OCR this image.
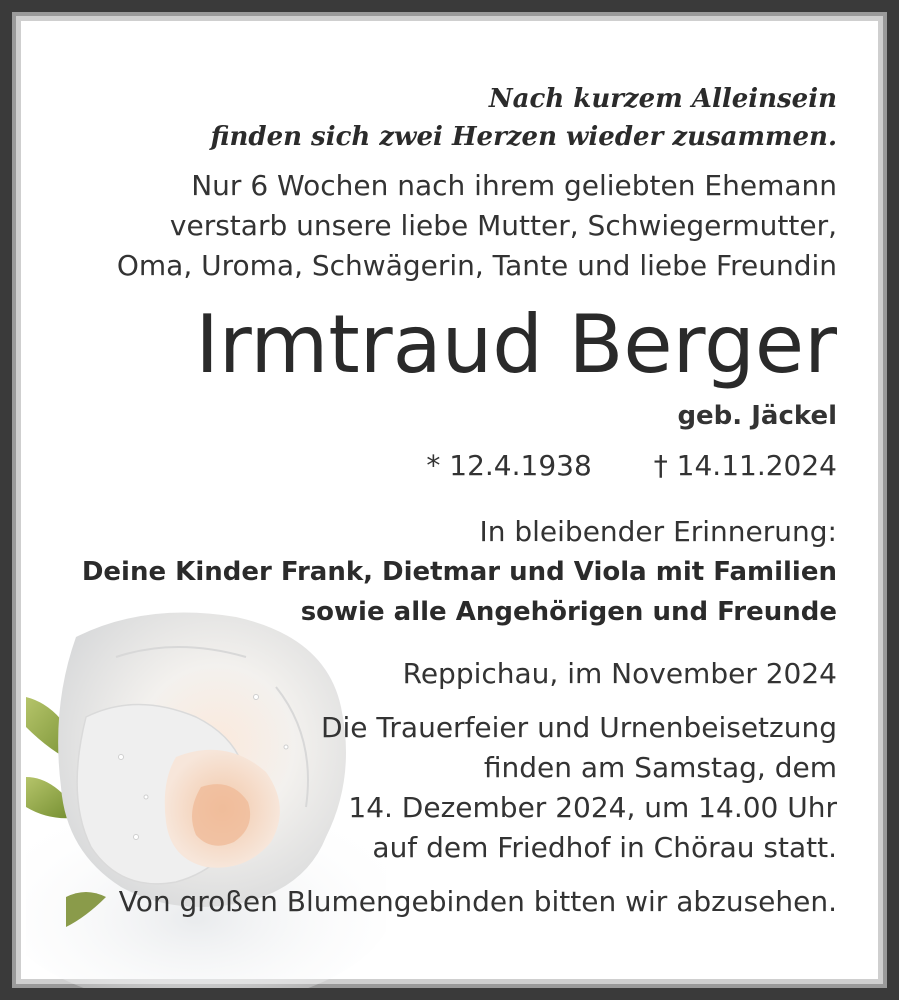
Nach kurzem Alleinsein
finden sich zwei Herzen wieder zusammen.
Nur 6 Wochen nach ihrem geliebten Ehemann
verstarb unsere liebe Mutter, Schwiegermutter,
Oma, Uroma, Schwägerin, Tante und liebe Freundin
Irmtraud Berger
geb. Jäckel
* 12.4.1938 † 14.11.2024
In bleibender Erinnerung:
Deine Kinder Frank, Dietmar und Viola mit Familien
sowie alle Angehörigen und Freunde
Reppichau, im November 2024
Die Trauerfeier und Urnenbeisetzung
finden am Samstag, dem
14. Dezember 2024, um 14.00 Uhr
auf dem Friedhof in Chörau statt.
Von großen Blumengebinden bitten wir abzusehen.
